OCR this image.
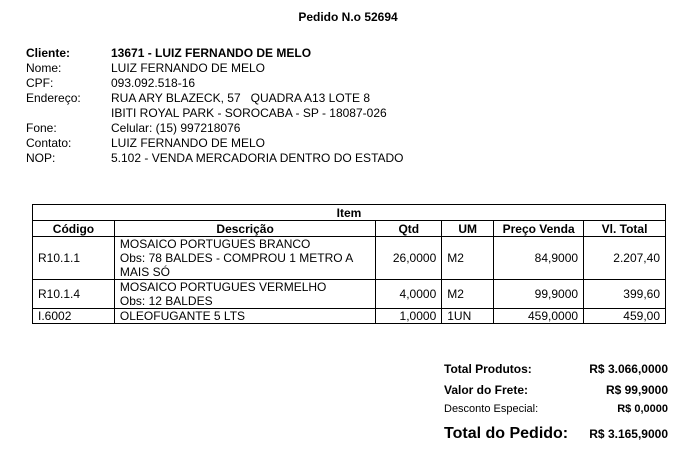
Pedido N.o 52694
Cliente:	13671 - LUIZ FERNANDO DE MELO
Nome:	LUIZ FERNANDO DE MELO
CPF:	093.092.518-16
Endereço:	RUA ARY BLAZECK, 57   QUADRA A13 LOTE 8
IBITI ROYAL PARK - SOROCABA - SP - 18087-026
Fone:	Celular: (15) 997218076
Contato:	LUIZ FERNANDO DE MELO
NOP:	5.102 - VENDA MERCADORIA DENTRO DO ESTADO
Item					
Código	Descrição	Qtd	UM	Preço Venda	Vl. Total
R10.1.1	MOSAICO PORTUGUES BRANCO
Obs: 78 BALDES - COMPROU 1 METRO A
MAIS SÓ	26,0000	M2	84,9000	2.207,40
R10.1.4	MOSAICO PORTUGUES VERMELHO
Obs: 12 BALDES	4,0000	M2	99,9000	399,60
I.6002	OLEOFUGANTE 5 LTS	1,0000	1UN	459,0000	459,00
Total Produtos:	R$ 3.066,0000
Valor do Frete:	R$ 99,9000
Desconto Especial:	R$ 0,0000
Total do Pedido: R$ 3.165,9000
